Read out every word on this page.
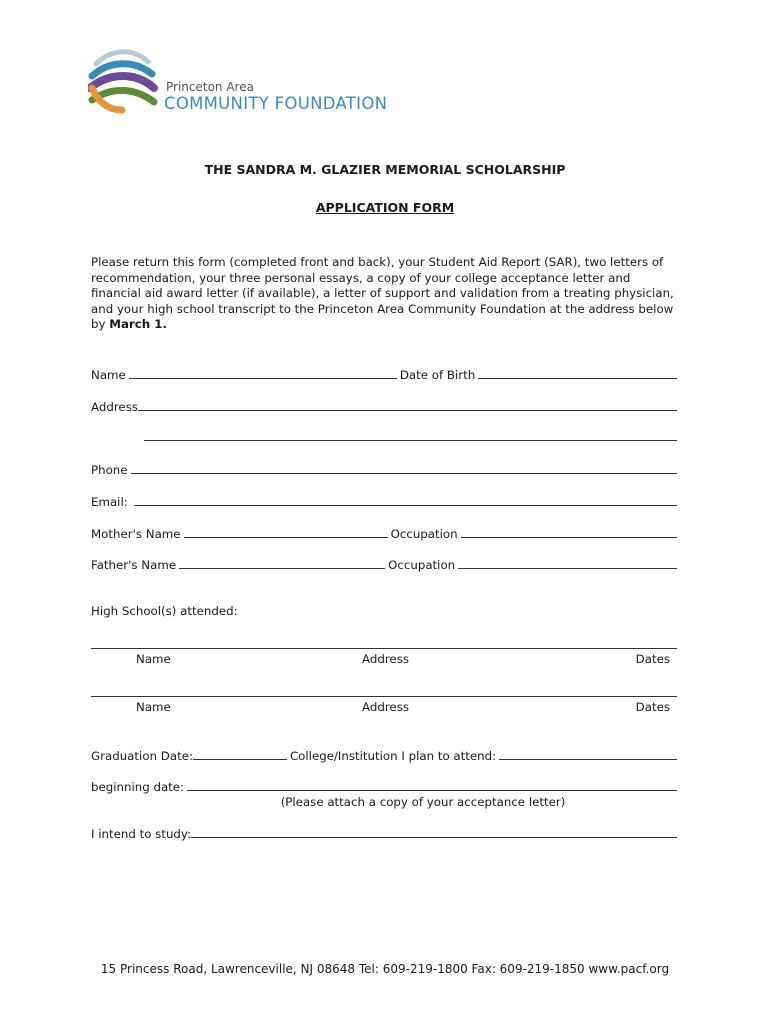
Princeton Area
COMMUNITY FOUNDATION
THE SANDRA M. GLAZIER MEMORIAL SCHOLARSHIP
APPLICATION FORM
Please return this form (completed front and back), your Student Aid Report (SAR), two letters of recommendation, your three personal essays, a copy of your college acceptance letter and financial aid award letter (if available), a letter of support and validation from a treating physician, and your high school transcript to the Princeton Area Community Foundation at the address below by March 1.
Name	Date of Birth
Address
Phone
Email:
Mother's Name	Occupation
Father's Name	Occupation
High School(s) attended:
Name	Address	Dates
Name	Address	Dates
Graduation Date:	College/Institution I plan to attend:
beginning date:
(Please attach a copy of your acceptance letter)
I intend to study:
15 Princess Road, Lawrenceville, NJ 08648 Tel: 609-219-1800 Fax: 609-219-1850 www.pacf.org
